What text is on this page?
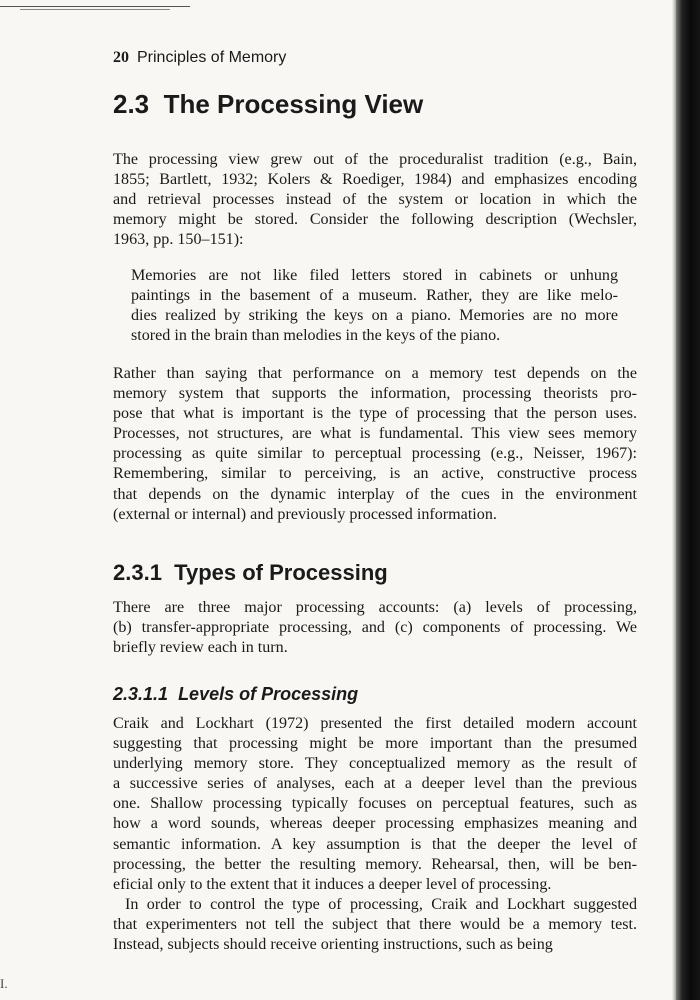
20 Principles of Memory
2.3 The Processing View
The processing view grew out of the proceduralist tradition (e.g., Bain,
1855; Bartlett, 1932; Kolers & Roediger, 1984) and emphasizes encoding
and retrieval processes instead of the system or location in which the
memory might be stored. Consider the following description (Wechsler,
1963, pp. 150–151):
Memories are not like filed letters stored in cabinets or unhung
paintings in the basement of a museum. Rather, they are like melo-
dies realized by striking the keys on a piano. Memories are no more
stored in the brain than melodies in the keys of the piano.
Rather than saying that performance on a memory test depends on the
memory system that supports the information, processing theorists pro-
pose that what is important is the type of processing that the person uses.
Processes, not structures, are what is fundamental. This view sees memory
processing as quite similar to perceptual processing (e.g., Neisser, 1967):
Remembering, similar to perceiving, is an active, constructive process
that depends on the dynamic interplay of the cues in the environment
(external or internal) and previously processed information.
2.3.1 Types of Processing
There are three major processing accounts: (a) levels of processing,
(b) transfer-appropriate processing, and (c) components of processing. We
briefly review each in turn.
2.3.1.1 Levels of Processing
Craik and Lockhart (1972) presented the first detailed modern account
suggesting that processing might be more important than the presumed
underlying memory store. They conceptualized memory as the result of
a successive series of analyses, each at a deeper level than the previous
one. Shallow processing typically focuses on perceptual features, such as
how a word sounds, whereas deeper processing emphasizes meaning and
semantic information. A key assumption is that the deeper the level of
processing, the better the resulting memory. Rehearsal, then, will be ben-
eficial only to the extent that it induces a deeper level of processing.
In order to control the type of processing, Craik and Lockhart suggested
that experimenters not tell the subject that there would be a memory test.
Instead, subjects should receive orienting instructions, such as being
I.
